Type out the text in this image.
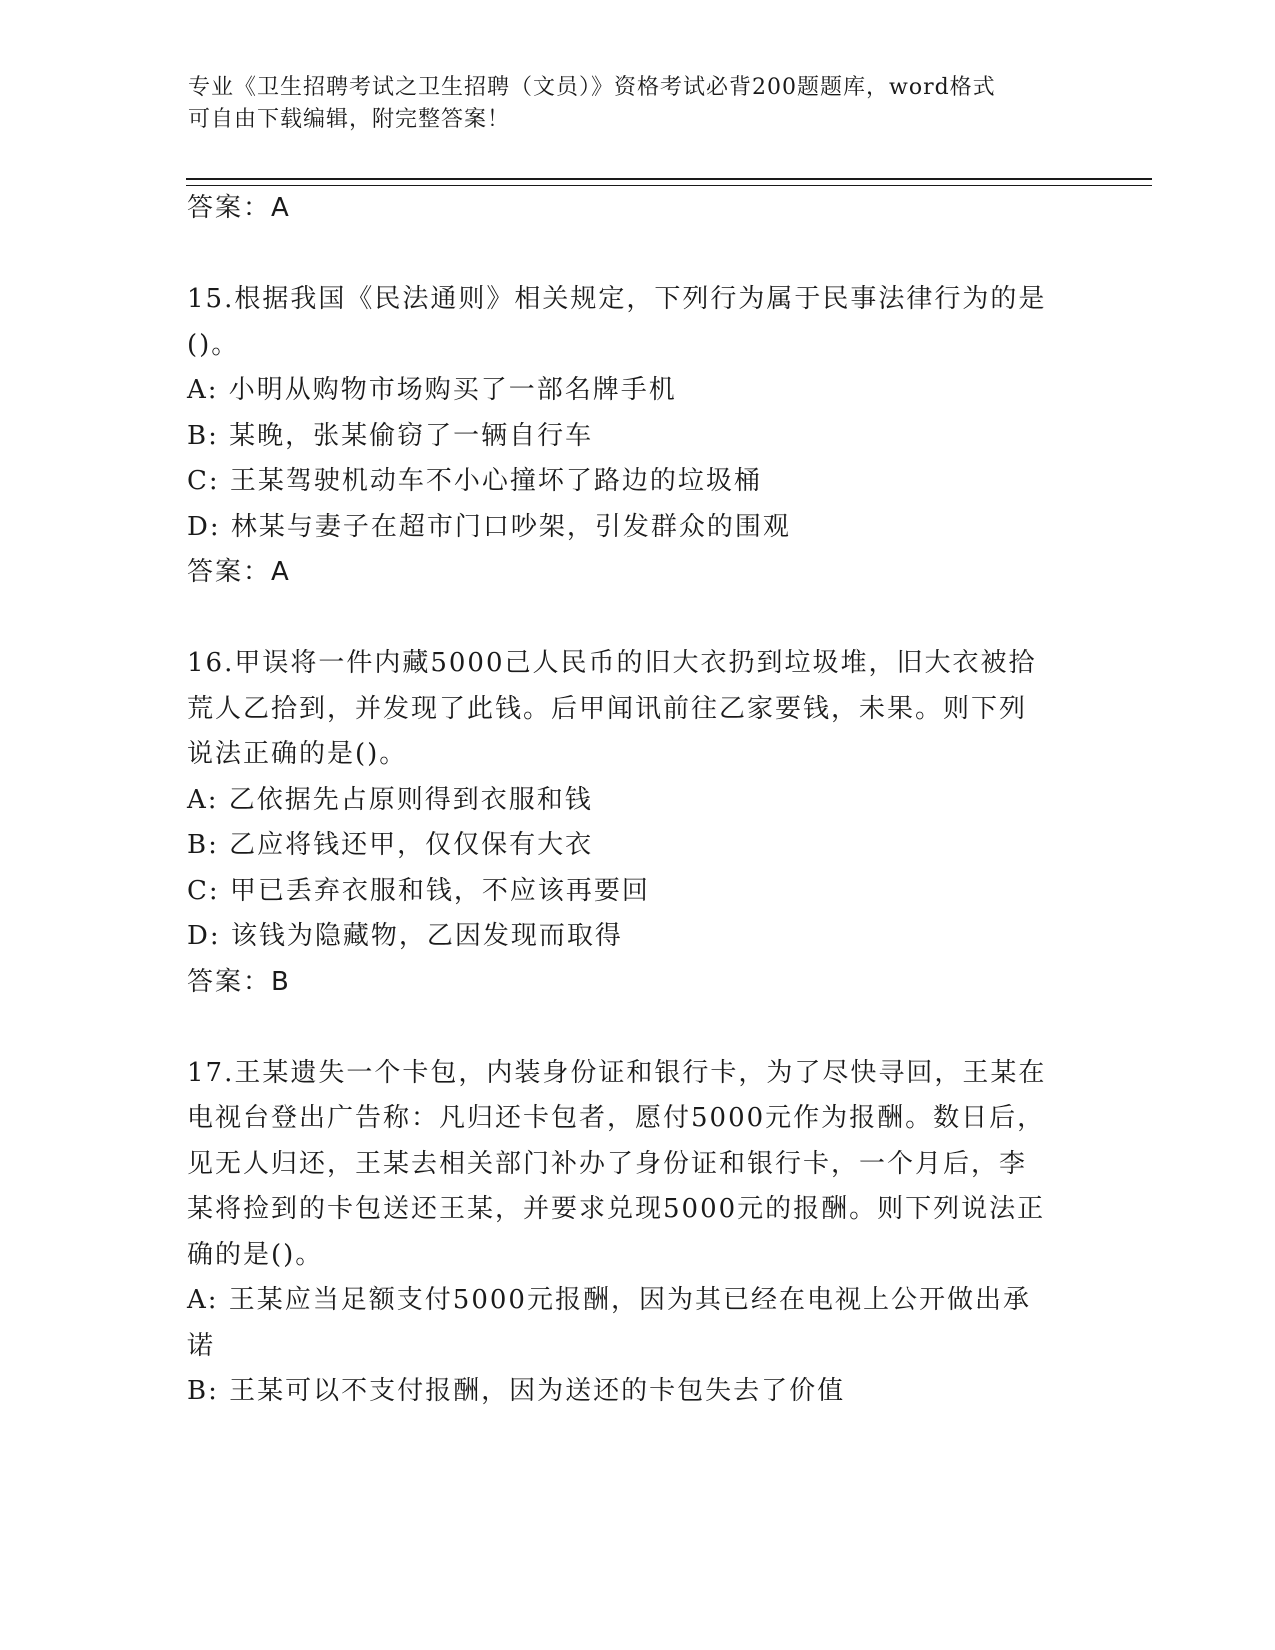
专业《卫生招聘考试之卫生招聘（文员）》资格考试必背200题题库，word格式
可自由下载编辑，附完整答案！
答案：A
15.根据我国《民法通则》相关规定，下列行为属于民事法律行为的是
()。
A: 小明从购物市场购买了一部名牌手机
B: 某晚，张某偷窃了一辆自行车
C: 王某驾驶机动车不小心撞坏了路边的垃圾桶
D: 林某与妻子在超市门口吵架，引发群众的围观
答案：A
16.甲误将一件内藏5000己人民币的旧大衣扔到垃圾堆，旧大衣被拾
荒人乙拾到，并发现了此钱。后甲闻讯前往乙家要钱，未果。则下列
说法正确的是()。
A: 乙依据先占原则得到衣服和钱
B: 乙应将钱还甲，仅仅保有大衣
C: 甲已丢弃衣服和钱，不应该再要回
D: 该钱为隐藏物，乙因发现而取得
答案：B
17.王某遗失一个卡包，内装身份证和银行卡，为了尽快寻回，王某在
电视台登出广告称：凡归还卡包者，愿付5000元作为报酬。数日后，
见无人归还，王某去相关部门补办了身份证和银行卡，一个月后，李
某将捡到的卡包送还王某，并要求兑现5000元的报酬。则下列说法正
确的是()。
A: 王某应当足额支付5000元报酬，因为其已经在电视上公开做出承
诺
B: 王某可以不支付报酬，因为送还的卡包失去了价值
